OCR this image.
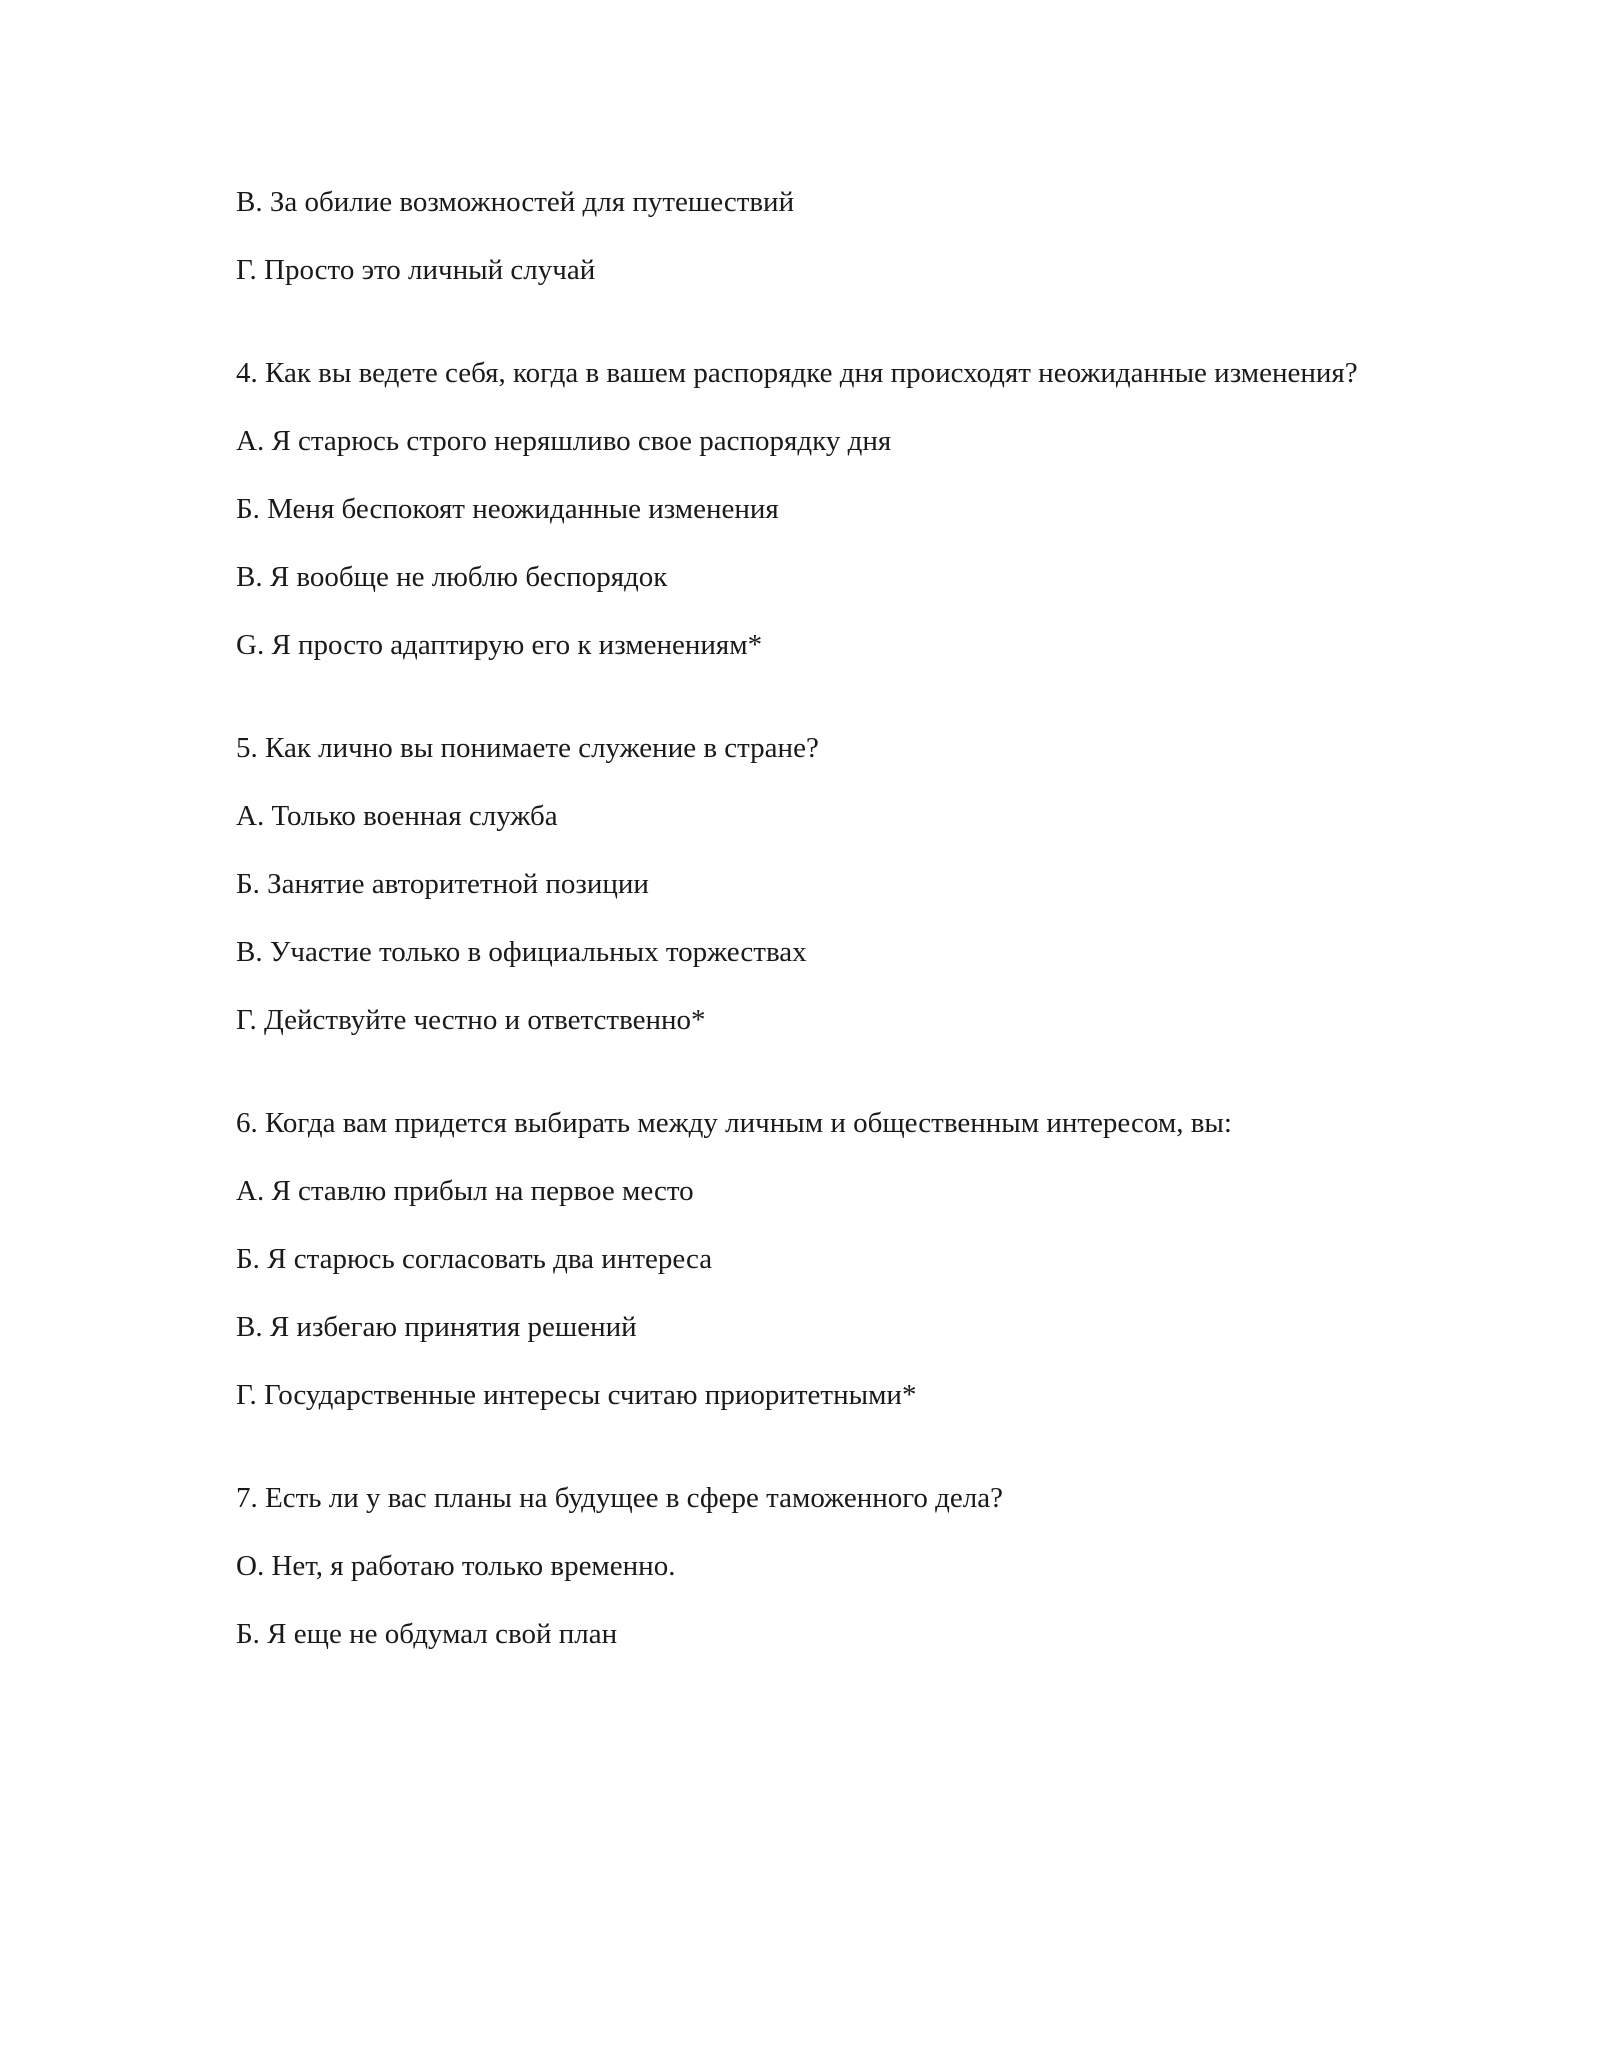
В. За обилие возможностей для путешествий

Г. Просто это личный случай

4. Как вы ведете себя, когда в вашем распорядке дня происходят неожиданные изменения?

А. Я старюсь строго неряшливо свое распорядку дня

Б. Меня беспокоят неожиданные изменения

В. Я вообще не люблю беспорядок

G. Я просто адаптирую его к изменениям*

5. Как лично вы понимаете служение в стране?

А. Только военная служба

Б. Занятие авторитетной позиции

В. Участие только в официальных торжествах

Г. Действуйте честно и ответственно*

6. Когда вам придется выбирать между личным и общественным интересом, вы:

А. Я ставлю прибыл на первое место

Б. Я старюсь согласовать два интереса

В. Я избегаю принятия решений

Г. Государственные интересы считаю приоритетными*

7. Есть ли у вас планы на будущее в сфере таможенного дела?

О. Нет, я работаю только временно.

Б. Я еще не обдумал свой план
